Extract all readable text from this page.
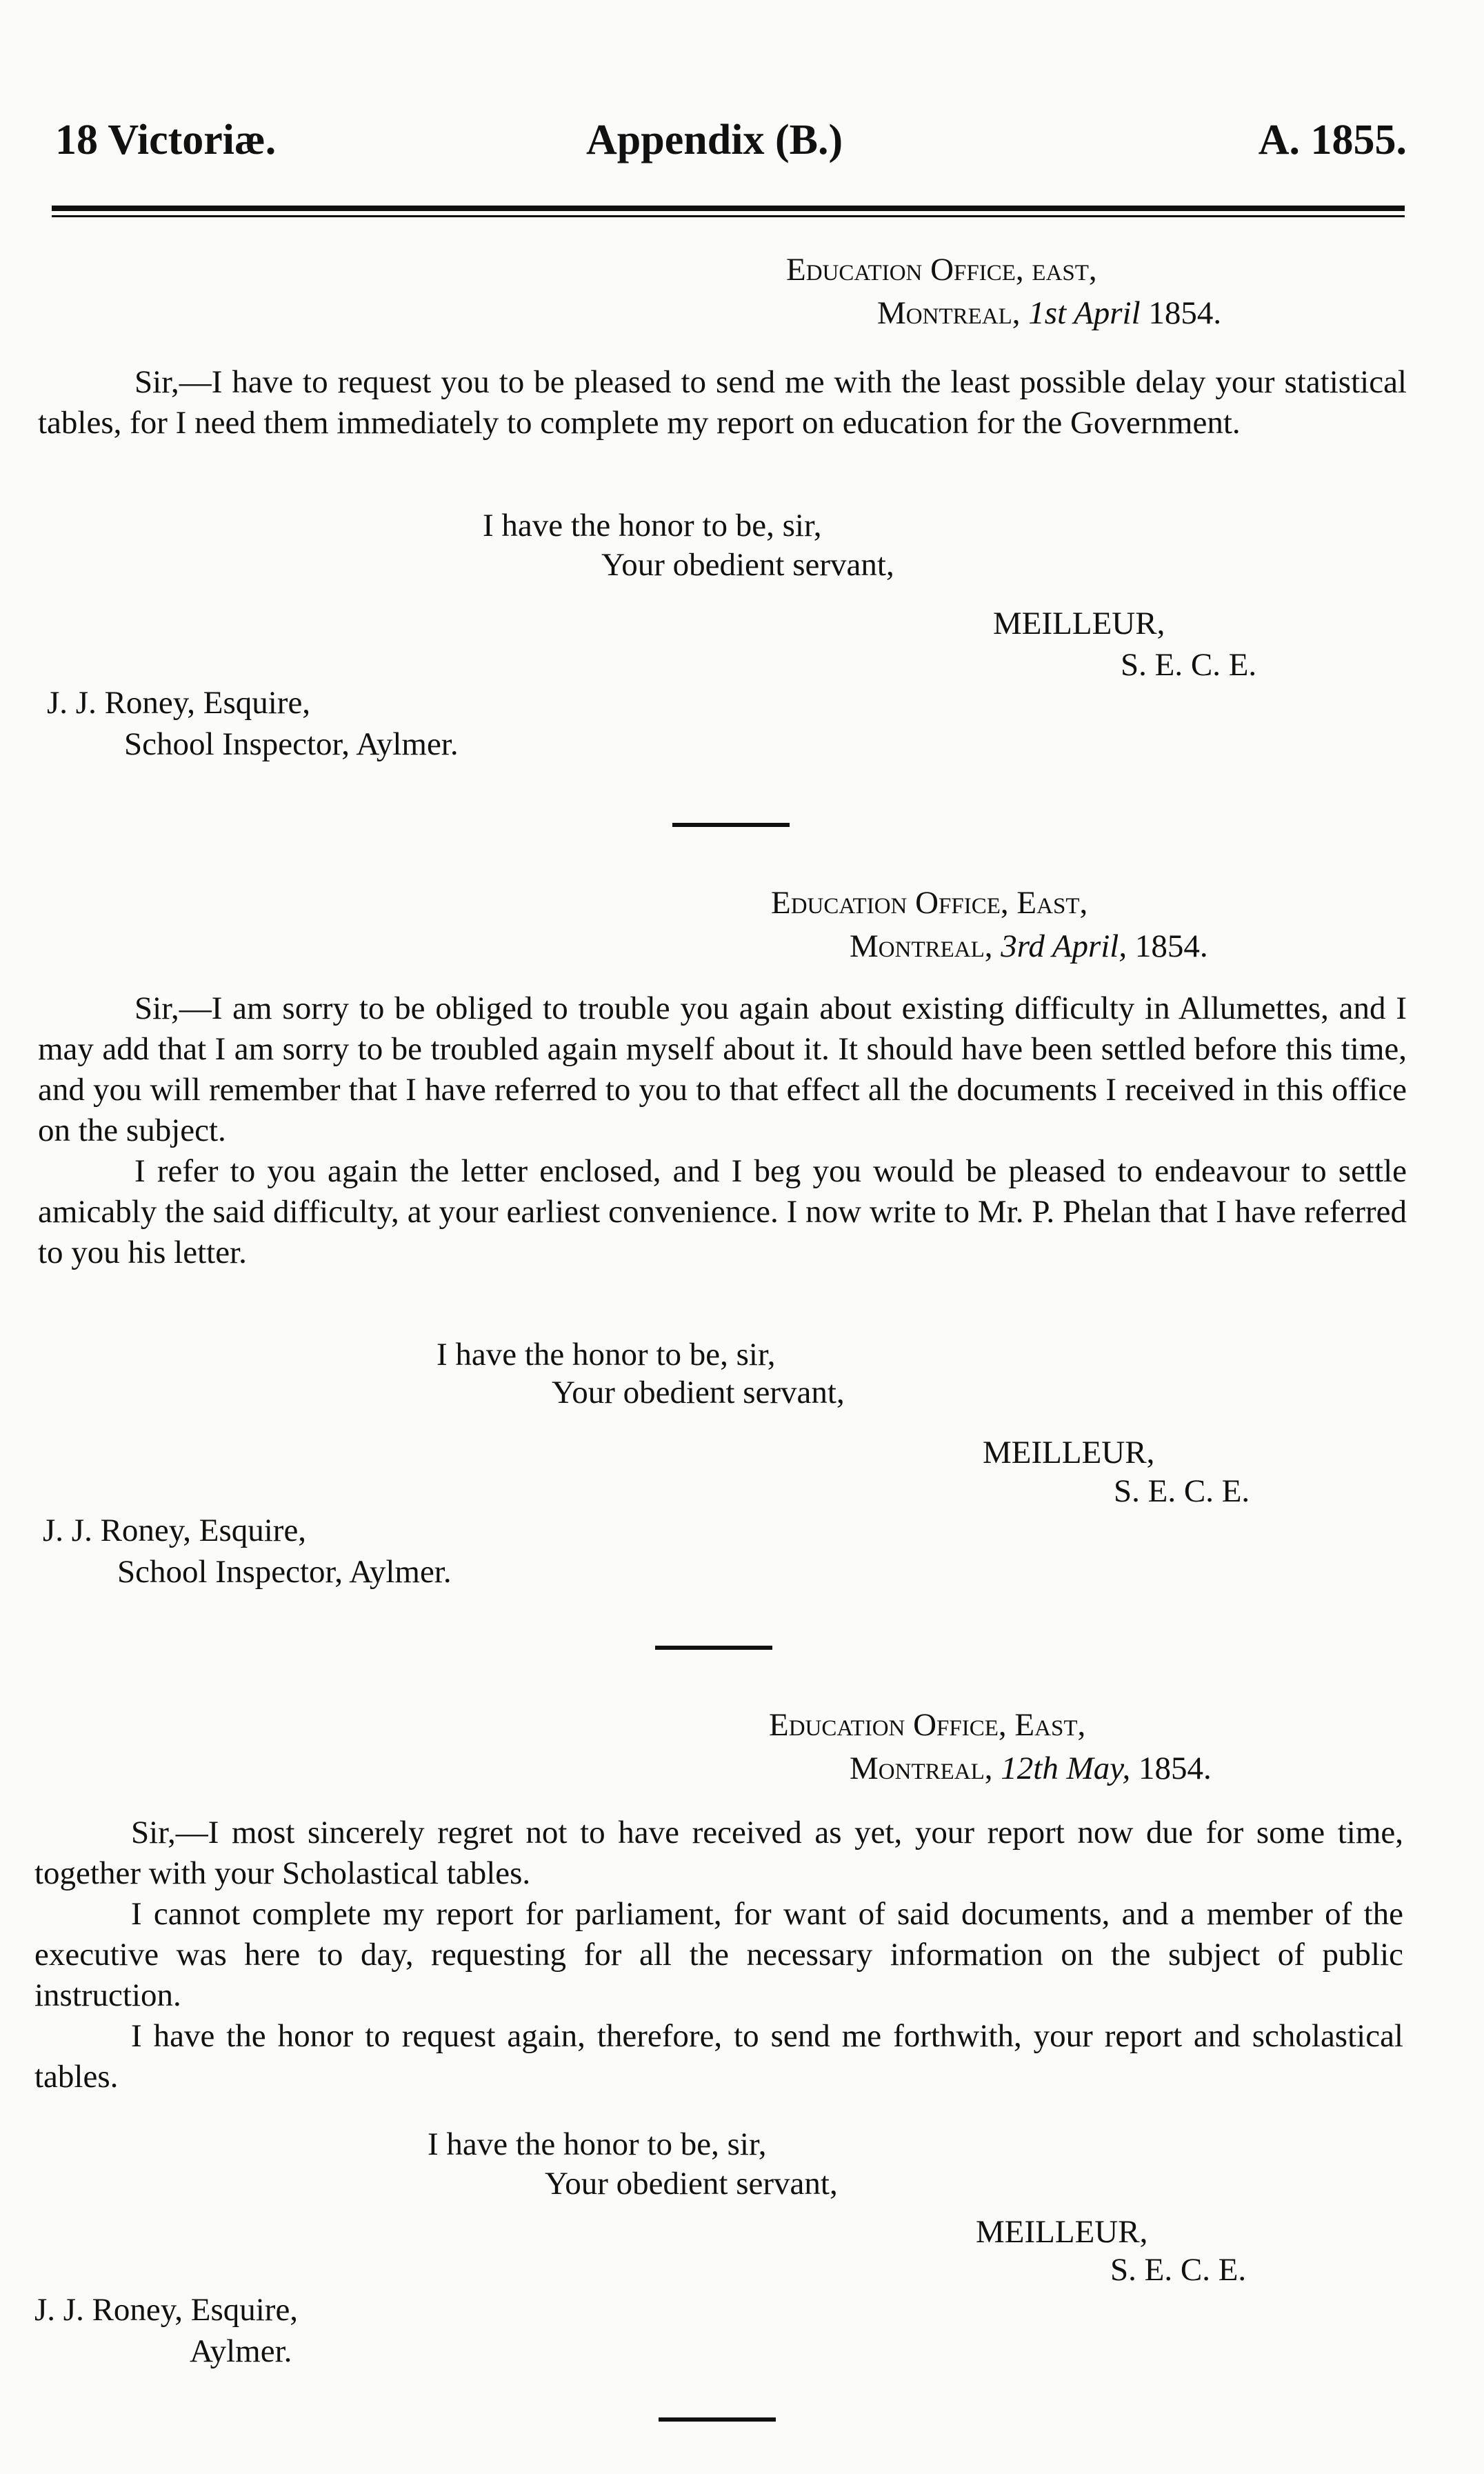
18 Victoriæ.	Appendix (B.)	A. 1855.
Education Office, east,
Montreal, 1st April 1854.

Sir,—I have to request you to be pleased to send me with the least possible delay your statistical tables, for I need them immediately to complete my report on education for the Government.

I have the honor to be, sir,
Your obedient servant,
MEILLEUR,
S. E. C. E.
J. J. Roney, Esquire,
School Inspector, Aylmer.
Education Office, East,
Montreal, 3rd April, 1854.

Sir,—I am sorry to be obliged to trouble you again about existing difficulty in Allumettes, and I may add that I am sorry to be troubled again myself about it. It should have been settled before this time, and you will remember that I have referred to you to that effect all the documents I received in this office on the subject.

I refer to you again the letter enclosed, and I beg you would be pleased to endeavour to settle amicably the said difficulty, at your earliest convenience. I now write to Mr. P. Phelan that I have referred to you his letter.

I have the honor to be, sir,
Your obedient servant,
MEILLEUR,
S. E. C. E.
J. J. Roney, Esquire,
School Inspector, Aylmer.
Education Office, East,
Montreal, 12th May, 1854.

Sir,—I most sincerely regret not to have received as yet, your report now due for some time, together with your Scholastical tables.

I cannot complete my report for parliament, for want of said documents, and a member of the executive was here to day, requesting for all the necessary information on the subject of public instruction.

I have the honor to request again, therefore, to send me forthwith, your report and scholastical tables.

I have the honor to be, sir,
Your obedient servant,
MEILLEUR,
S. E. C. E.
J. J. Roney, Esquire,
Aylmer.
